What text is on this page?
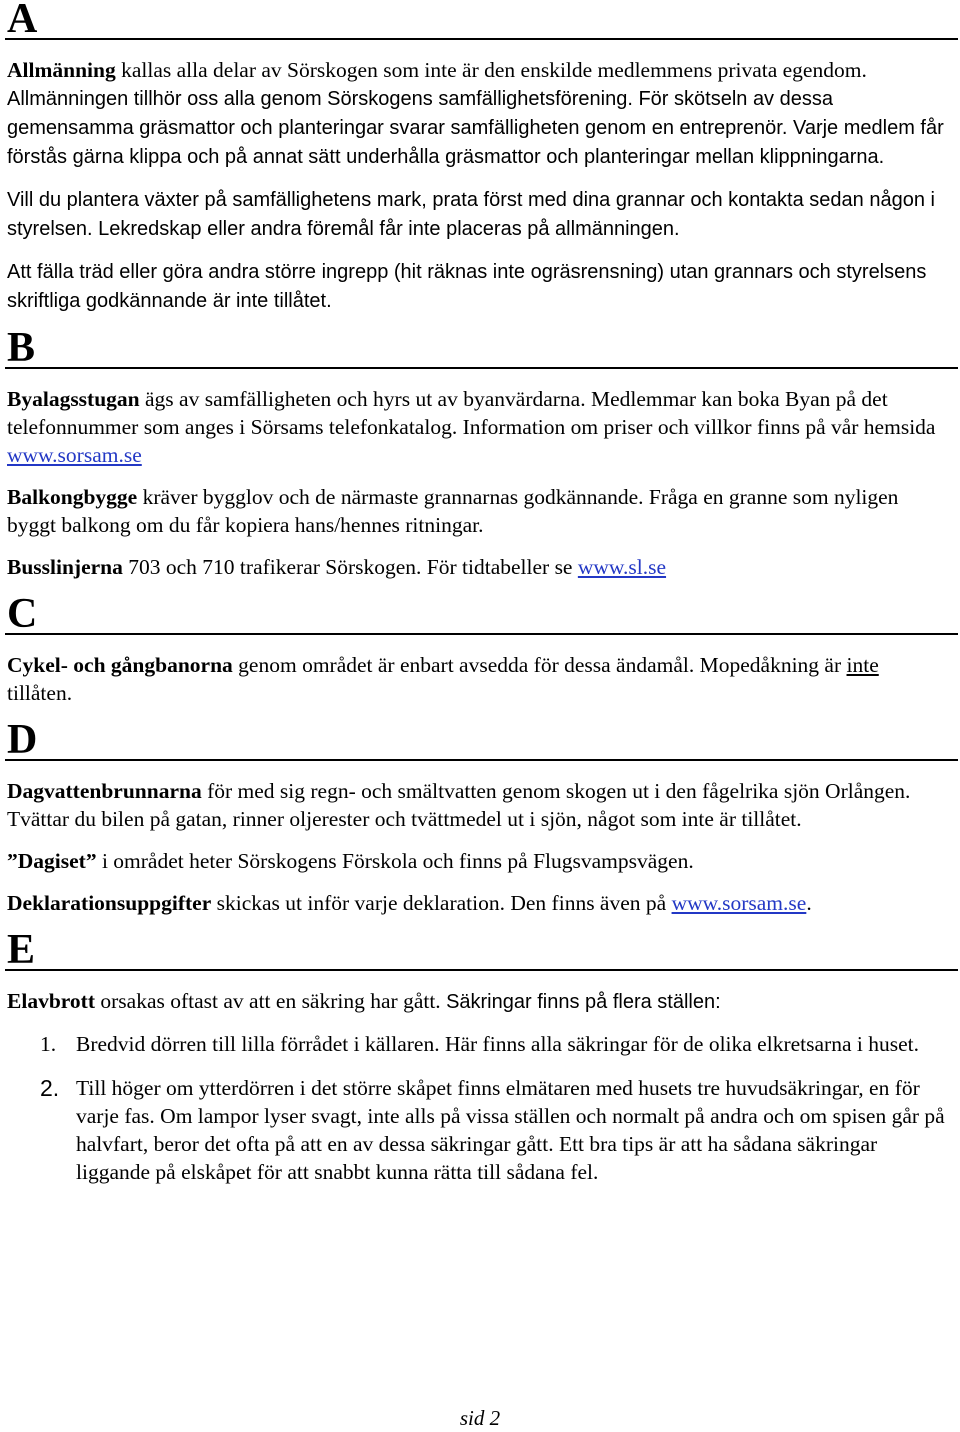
A

Allmänning kallas alla delar av Sörskogen som inte är den enskilde medlemmens privata egendom. Allmänningen tillhör oss alla genom Sörskogens samfällighetsförening. För skötseln av dessa gemensamma gräsmattor och planteringar svarar samfälligheten genom en entreprenör. Varje medlem får förstås gärna klippa och på annat sätt underhålla gräsmattor och planteringar mellan klippningarna.

Vill du plantera växter på samfällighetens mark, prata först med dina grannar och kontakta sedan någon i styrelsen. Lekredskap eller andra föremål får inte placeras på allmänningen.

Att fälla träd eller göra andra större ingrepp (hit räknas inte ogräsrensning) utan grannars och styrelsens skriftliga godkännande är inte tillåtet.

B

Byalagsstugan ägs av samfälligheten och hyrs ut av byanvärdarna. Medlemmar kan boka Byan på det telefonnummer som anges i Sörsams telefonkatalog. Information om priser och villkor finns på vår hemsida www.sorsam.se

Balkongbygge kräver bygglov och de närmaste grannarnas godkännande. Fråga en granne som nyligen byggt balkong om du får kopiera hans/hennes ritningar.

Busslinjerna 703 och 710 trafikerar Sörskogen. För tidtabeller se www.sl.se

C

Cykel- och gångbanorna genom området är enbart avsedda för dessa ändamål. Mopedåkning är inte tillåten.

D

Dagvattenbrunnarna för med sig regn- och smältvatten genom skogen ut i den fågelrika sjön Orlången. Tvättar du bilen på gatan, rinner oljerester och tvättmedel ut i sjön, något som inte är tillåtet.

”Dagiset” i området heter Sörskogens Förskola och finns på Flugsvampsvägen.

Deklarationsuppgifter skickas ut inför varje deklaration. Den finns även på www.sorsam.se.

E

Elavbrott orsakas oftast av att en säkring har gått. Säkringar finns på flera ställen:

1. Bredvid dörren till lilla förrådet i källaren. Här finns alla säkringar för de olika elkretsarna i huset.
2. Till höger om ytterdörren i det större skåpet finns elmätaren med husets tre huvudsäkringar, en för varje fas. Om lampor lyser svagt, inte alls på vissa ställen och normalt på andra och om spisen går på halvfart, beror det ofta på att en av dessa säkringar gått. Ett bra tips är att ha sådana säkringar liggande på elskåpet för att snabbt kunna rätta till sådana fel.
sid 2
